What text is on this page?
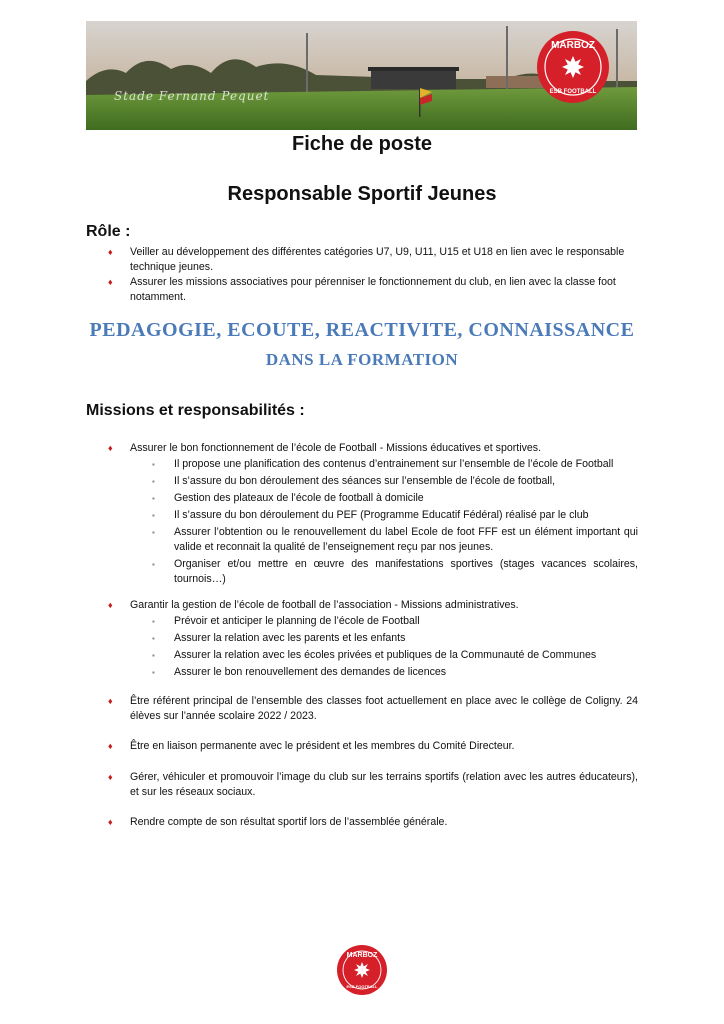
MARBOZ
ESB FOOTBALL
Stade Fernand Pequet
Fiche de poste
Responsable Sportif Jeunes
Rôle :
♦ Veiller au développement des différentes catégories U7, U9, U11, U15 et U18 en lien avec le responsable technique jeunes.
♦ Assurer les missions associatives pour pérenniser le fonctionnement du club, en lien avec la classe foot notamment.
PEDAGOGIE, ECOUTE, REACTIVITE, CONNAISSANCE
DANS LA FORMATION
Missions et responsabilités :
♦ Assurer le bon fonctionnement de l’école de Football - Missions éducatives et sportives.
▪ Il propose une planification des contenus d’entrainement sur l’ensemble de l’école de Football
▪ Il s’assure du bon déroulement des séances sur l’ensemble de l’école de football,
▪ Gestion des plateaux de l’école de football à domicile
▪ Il s’assure du bon déroulement du PEF (Programme Educatif Fédéral) réalisé par le club
▪ Assurer l’obtention ou le renouvellement du label Ecole de foot FFF est un élément important qui valide et reconnait la qualité de l’enseignement reçu par nos jeunes.
▪ Organiser et/ou mettre en œuvre des manifestations sportives (stages vacances scolaires, tournois…)
♦ Garantir la gestion de l’école de football de l’association - Missions administratives.
▪ Prévoir et anticiper le planning de l’école de Football
▪ Assurer la relation avec les parents et les enfants
▪ Assurer la relation avec les écoles privées et publiques de la Communauté de Communes
▪ Assurer le bon renouvellement des demandes de licences
♦ Être référent principal de l’ensemble des classes foot actuellement en place avec le collège de Coligny. 24 élèves sur l’année scolaire 2022 / 2023.
♦ Être en liaison permanente avec le président et les membres du Comité Directeur.
♦ Gérer, véhiculer et promouvoir l’image du club sur les terrains sportifs (relation avec les autres éducateurs), et sur les réseaux sociaux.
♦ Rendre compte de son résultat sportif lors de l’assemblée générale.
MARBOZ
ESB FOOTBALL
